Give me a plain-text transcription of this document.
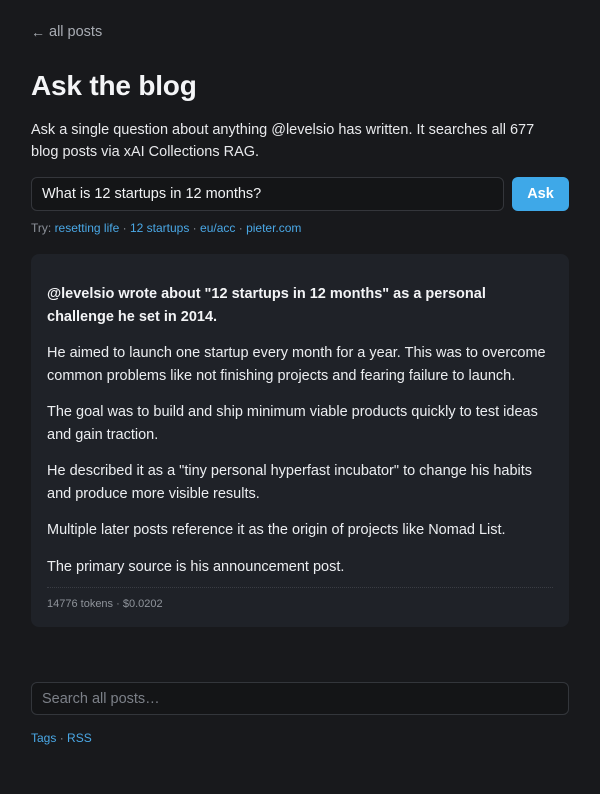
← all posts
Ask the blog

Ask a single question about anything @levelsio has written. It searches all 677 blog posts via xAI Collections RAG.

What is 12 startups in 12 months?
Ask
Try: resetting life · 12 startups · eu/acc · pieter.com

@levelsio wrote about "12 startups in 12 months" as a personal challenge he set in 2014.

He aimed to launch one startup every month for a year. This was to overcome common problems like not finishing projects and fearing failure to launch.

The goal was to build and ship minimum viable products quickly to test ideas and gain traction.

He described it as a "tiny personal hyperfast incubator" to change his habits and produce more visible results.

Multiple later posts reference it as the origin of projects like Nomad List.

The primary source is his announcement post.

14776 tokens · $0.0202
Search all posts…
Tags · RSS
